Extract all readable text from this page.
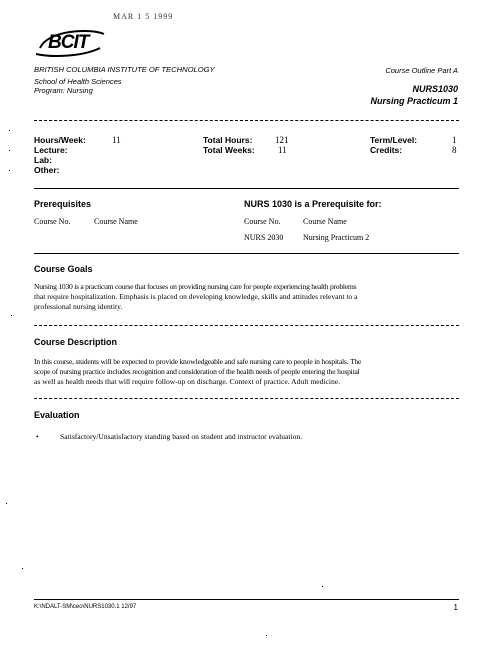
MAR 1 5 1999
BCIT
BRITISH COLUMBIA INSTITUTE OF TECHNOLOGY
School of Health Sciences
Program: Nursing
Course Outline Part A
NURS1030
Nursing Practicum 1
Hours/Week:	11
Lecture:
Lab:
Other:
Total Hours:	121
Total Weeks:	11
Term/Level:	1
Credits:	8
Prerequisites
Course No.	Course Name
NURS 1030 is a Prerequisite for:
Course No.	Course Name
NURS 2030 Nursing Practicum 2
Course Goals
Nursing 1030 is a practicum course that focuses on providing nursing care for people experiencing health problems
that require hospitalization. Emphasis is placed on developing knowledge, skills and attitudes relevant to a
professional nursing identity.
Course Description
In this course, students will be expected to provide knowledgeable and safe nursing care to people in hospitals. The
scope of nursing practice includes recognition and consideration of the health needs of people entering the hospital
as well as health needs that will require follow-up on discharge. Context of practice. Adult medicine.
Evaluation
•	Satisfactory/Unsatisfactory standing based on student and instructor evaluation.
K:\NDALT-SM\ceo\NURS1030.1 12/97	1
